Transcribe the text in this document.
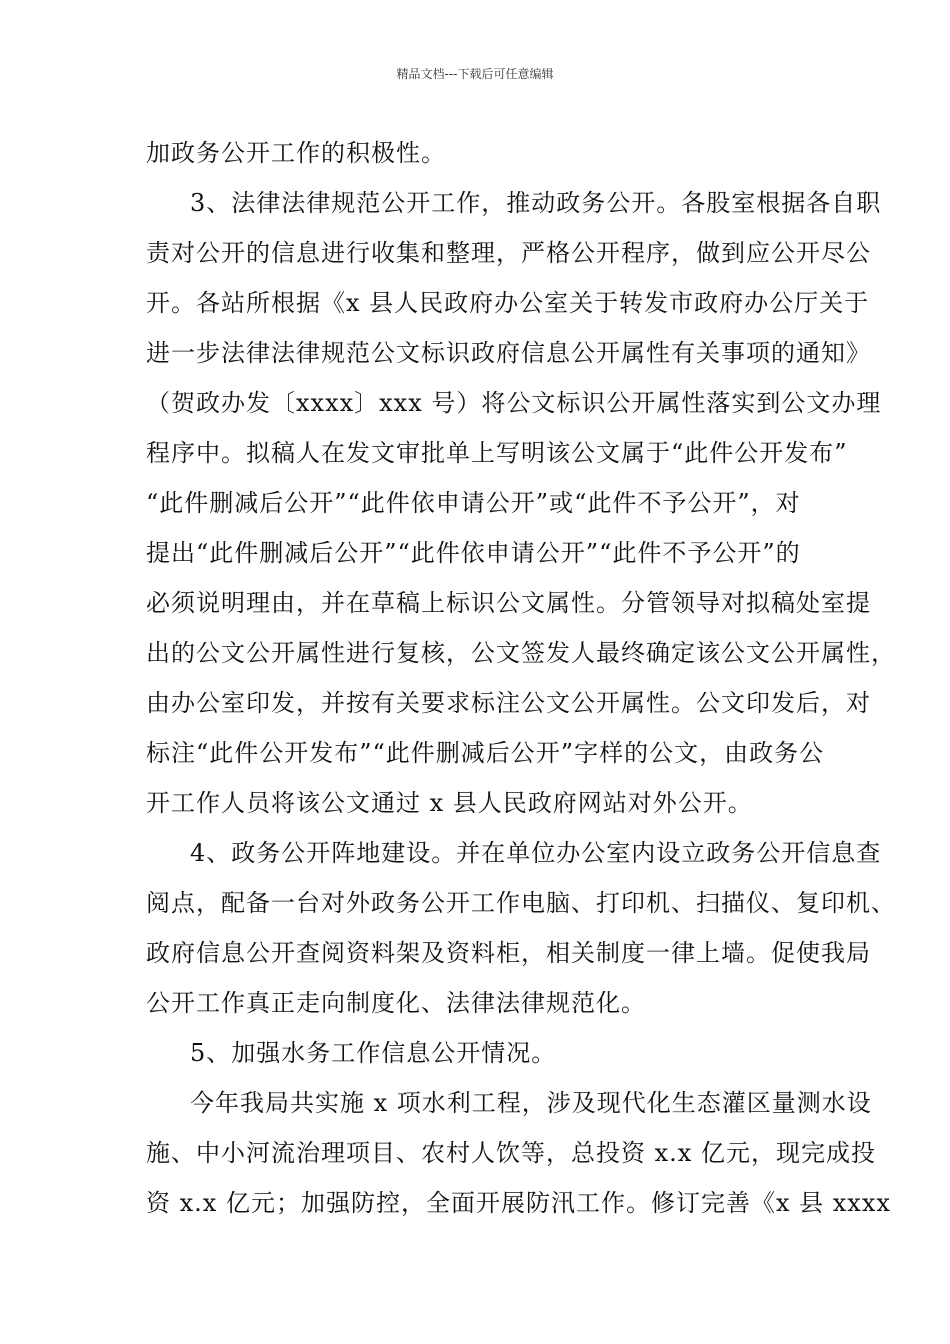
精品文档---下载后可任意编辑
加政务公开工作的积极性。
3、法律法律规范公开工作，推动政务公开。各股室根据各自职
责对公开的信息进行收集和整理，严格公开程序，做到应公开尽公
开。各站所根据《x 县人民政府办公室关于转发市政府办公厅关于
进一步法律法律规范公文标识政府信息公开属性有关事项的通知》
（贺政办发〔xxxx〕xxx 号）将公文标识公开属性落实到公文办理
程序中。拟稿人在发文审批单上写明该公文属于“此件公开发布”
“此件删减后公开”“此件依申请公开”或“此件不予公开”，对
提出“此件删减后公开”“此件依申请公开”“此件不予公开”的
必须说明理由，并在草稿上标识公文属性。分管领导对拟稿处室提
出的公文公开属性进行复核，公文签发人最终确定该公文公开属性，
由办公室印发，并按有关要求标注公文公开属性。公文印发后，对
标注“此件公开发布”“此件删减后公开”字样的公文，由政务公
开工作人员将该公文通过 x 县人民政府网站对外公开。
4、政务公开阵地建设。并在单位办公室内设立政务公开信息查
阅点，配备一台对外政务公开工作电脑、打印机、扫描仪、复印机、
政府信息公开查阅资料架及资料柜，相关制度一律上墙。促使我局
公开工作真正走向制度化、法律法律规范化。
5、加强水务工作信息公开情况。
今年我局共实施 x 项水利工程，涉及现代化生态灌区量测水设
施、中小河流治理项目、农村人饮等，总投资 x.x 亿元，现完成投
资 x.x 亿元；加强防控，全面开展防汛工作。修订完善《x 县 xxxx
